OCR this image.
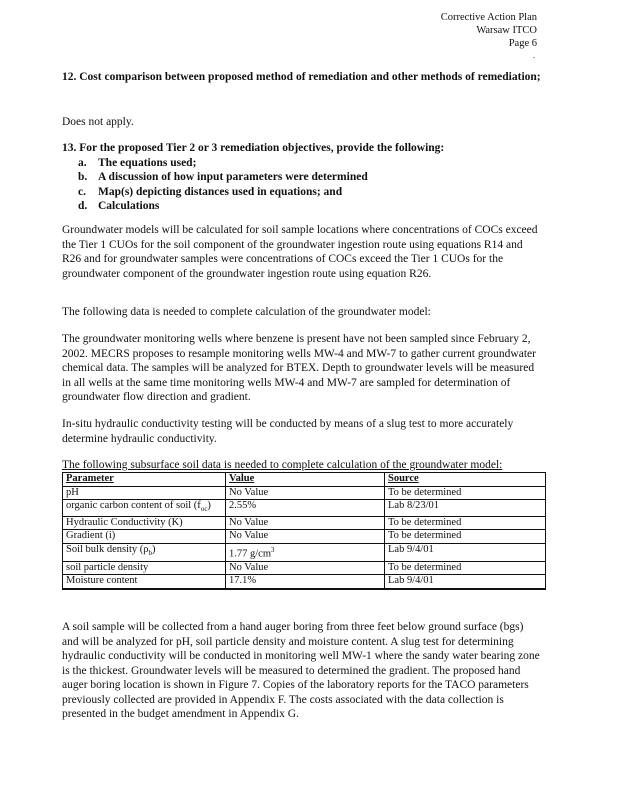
Corrective Action Plan
Warsaw ITCO
Page 6
.
12. Cost comparison between proposed method of remediation and other methods of remediation;
Does not apply.
13. For the proposed Tier 2 or 3 remediation objectives, provide the following:
a. The equations used;
b. A discussion of how input parameters were determined
c. Map(s) depicting distances used in equations; and
d. Calculations
Groundwater models will be calculated for soil sample locations where concentrations of COCs exceed the Tier 1 CUOs for the soil component of the groundwater ingestion route using equations R14 and R26 and for groundwater samples were concentrations of COCs exceed the Tier 1 CUOs for the groundwater component of the groundwater ingestion route using equation R26.
The following data is needed to complete calculation of the groundwater model:
The groundwater monitoring wells where benzene is present have not been sampled since February 2, 2002. MECRS proposes to resample monitoring wells MW-4 and MW-7 to gather current groundwater chemical data. The samples will be analyzed for BTEX. Depth to groundwater levels will be measured in all wells at the same time monitoring wells MW-4 and MW-7 are sampled for determination of groundwater flow direction and gradient.
In-situ hydraulic conductivity testing will be conducted by means of a slug test to more accurately determine hydraulic conductivity.
The following subsurface soil data is needed to complete calculation of the groundwater model:
Parameter	Value	Source
pH	No Value	To be determined
organic carbon content of soil $(f_{oc})$	2.55%	Lab 8/23/01
Hydraulic Conductivity (K)	No Value	To be determined
Gradient (i)	No Value	To be determined
Soil bulk density $(\rho_b)$	1.77 $g/cm^3$	Lab 9/4/01
soil particle density	No Value	To be determined
Moisture content	17.1%	Lab 9/4/01
A soil sample will be collected from a hand auger boring from three feet below ground surface (bgs) and will be analyzed for pH, soil particle density and moisture content. A slug test for determining hydraulic conductivity will be conducted in monitoring well MW-1 where the sandy water bearing zone is the thickest. Groundwater levels will be measured to determined the gradient. The proposed hand auger boring location is shown in Figure 7. Copies of the laboratory reports for the TACO parameters previously collected are provided in Appendix F. The costs associated with the data collection is presented in the budget amendment in Appendix G.
